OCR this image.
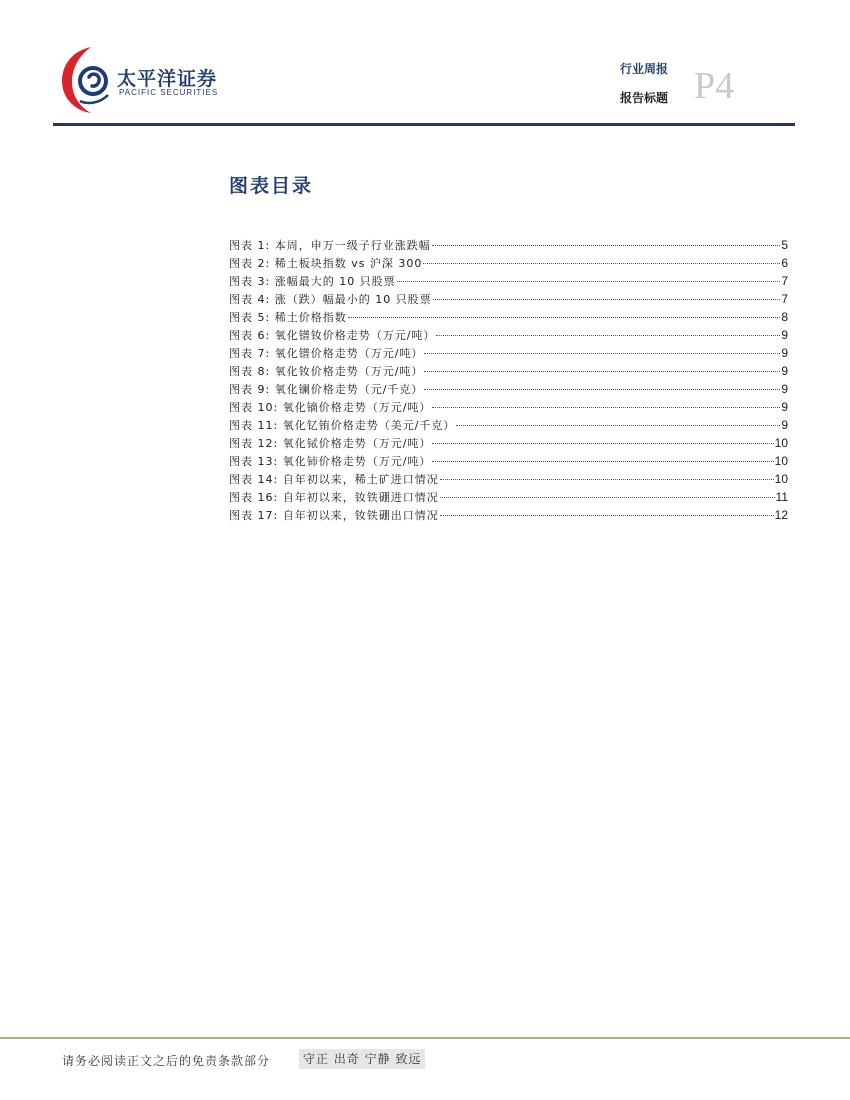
太平洋证券
PACIFIC SECURITIES
行业周报
报告标题 P4
图表目录
图表 1: 本周，申万一级子行业涨跌幅	5
图表 2: 稀土板块指数 vs 沪深 300	6
图表 3: 涨幅最大的 10 只股票	7
图表 4: 涨（跌）幅最小的 10 只股票	7
图表 5: 稀土价格指数	8
图表 6: 氧化镨钕价格走势（万元/吨）	9
图表 7: 氧化镨价格走势（万元/吨）	9
图表 8: 氧化钕价格走势（万元/吨）	9
图表 9: 氧化镧价格走势（元/千克）	9
图表 10: 氧化镝价格走势（万元/吨）	9
图表 11: 氧化钇铕价格走势（美元/千克）	9
图表 12: 氧化铽价格走势（万元/吨）	10
图表 13: 氧化铈价格走势（万元/吨）	10
图表 14: 自年初以来，稀土矿进口情况	10
图表 16: 自年初以来，钕铁硼进口情况	11
图表 17: 自年初以来，钕铁硼出口情况	12
请务必阅读正文之后的免责条款部分	守正 出奇 宁静 致远
